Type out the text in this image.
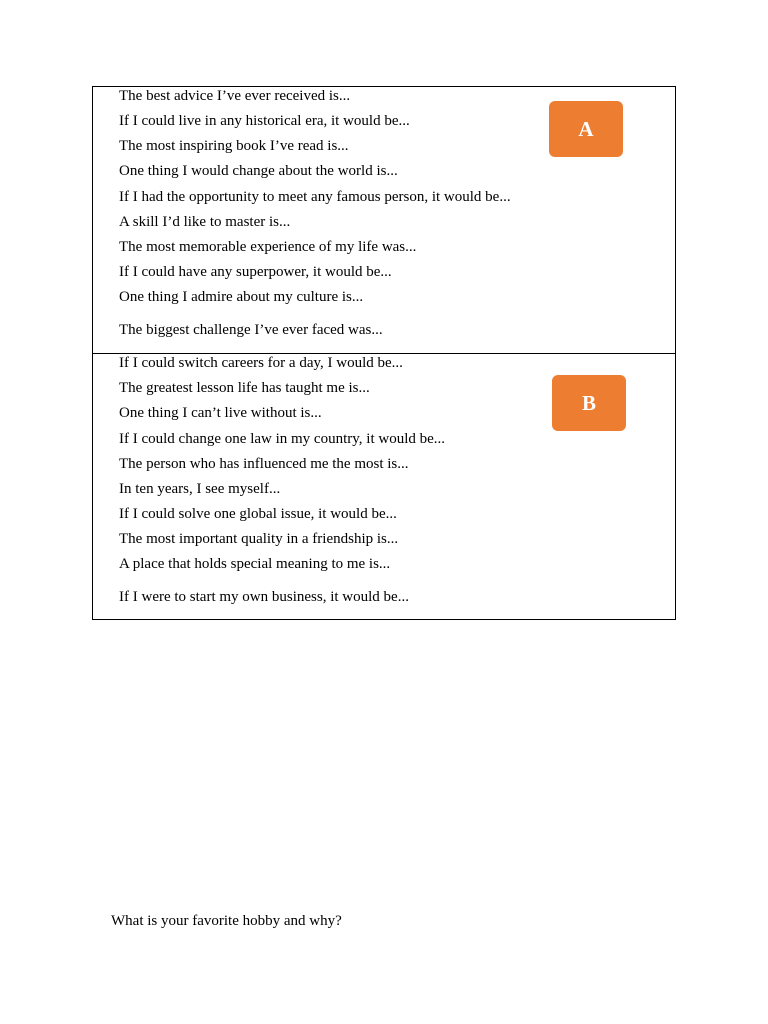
The best advice I’ve ever received is...
If I could live in any historical era, it would be...
The most inspiring book I’ve read is...
One thing I would change about the world is...
If I had the opportunity to meet any famous person, it would be...
A skill I’d like to master is...
The most memorable experience of my life was...
If I could have any superpower, it would be...
One thing I admire about my culture is...
The biggest challenge I’ve ever faced was...
A
If I could switch careers for a day, I would be...
The greatest lesson life has taught me is...
One thing I can’t live without is...
If I could change one law in my country, it would be...
The person who has influenced me the most is...
In ten years, I see myself...
If I could solve one global issue, it would be...
The most important quality in a friendship is...
A place that holds special meaning to me is...
If I were to start my own business, it would be...
B
What is your favorite hobby and why?
